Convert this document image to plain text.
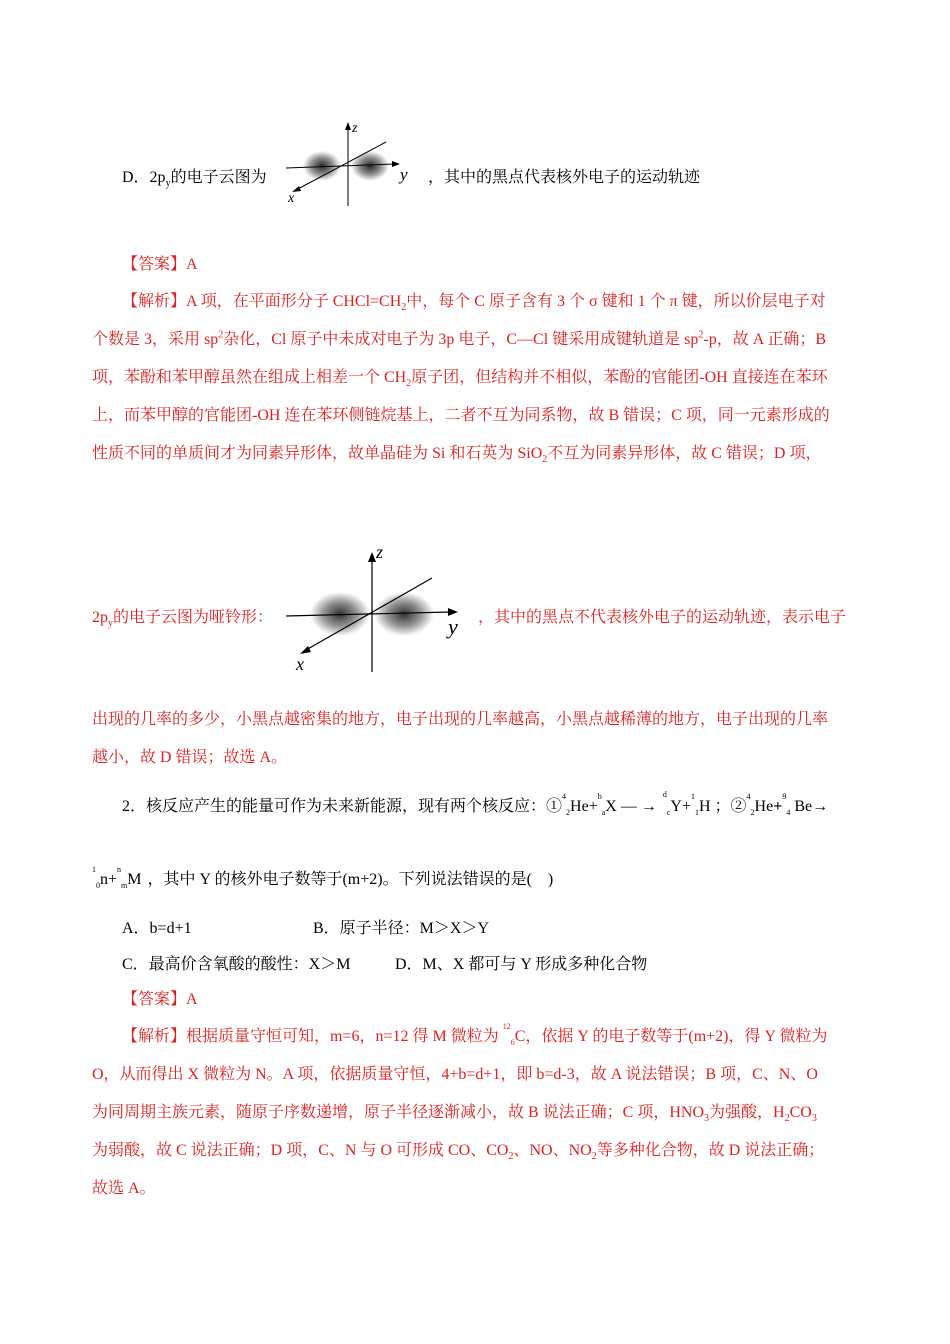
D．$2p_y$的电子云图为
z
y
x
，其中的黑点代表核外电子的运动轨迹
【答案】A
【解析】A 项，在平面形分子 $CHCl=CH_2$中，每个 C 原子含有 3 个 σ 键和 1 个 π 键，所以价层电子对
个数是 3，采用 $sp^2$杂化，Cl 原子中未成对电子为 3p 电子，C—Cl 键采用成键轨道是 $sp^2-p$，故 A 正确；B
项，苯酚和苯甲醇虽然在组成上相差一个 $CH_2$原子团，但结构并不相似，苯酚的官能团-OH 直接连在苯环
上，而苯甲醇的官能团-OH 连在苯环侧链烷基上，二者不互为同系物，故 B 错误；C 项，同一元素形成的
性质不同的单质间才为同素异形体，故单晶硅为 Si 和石英为 SiO$_2$不互为同素异形体，故 C 错误；D 项，
$2p_y$的电子云图为哑铃形：
z
y
x
，其中的黑点不代表核外电子的运动轨迹，表示电子
出现的几率的多少，小黑点越密集的地方，电子出现的几率越高，小黑点越稀薄的地方，电子出现的几率
越小，故 D 错误；故选 A。
2．核反应产生的能量可作为未来新能源，现有两个核反应：①$^4_2$He+$^b_a$X — →$^d_c$Y+$^1_1$H ；②$^4_2$He+$^9_4$ Be→
$^1_0$n+$^n_m$M ，其中 Y 的核外电子数等于(m+2)。下列说法错误的是(　)
A．b=d+1	B．原子半径：M＞X＞Y
C．最高价含氧酸的酸性：X＞M	D．M、X 都可与 Y 形成多种化合物
【答案】A
【解析】根据质量守恒可知，m=6，n=12 得 M 微粒为 $^{12}_6$C，依据 Y 的电子数等于(m+2)，得 Y 微粒为
O，从而得出 X 微粒为 N。A 项，依据质量守恒，4+b=d+1，即 b=d-3，故 A 说法错误；B 项，C、N、O
为同周期主族元素，随原子序数递增，原子半径逐渐减小，故 B 说法正确；C 项，$HNO_3$为强酸，$H_2CO_3$
为弱酸，故 C 说法正确；D 项，C、N 与 O 可形成 CO、$CO_2$、NO、$NO_2$等多种化合物，故 D 说法正确；
故选 A。
